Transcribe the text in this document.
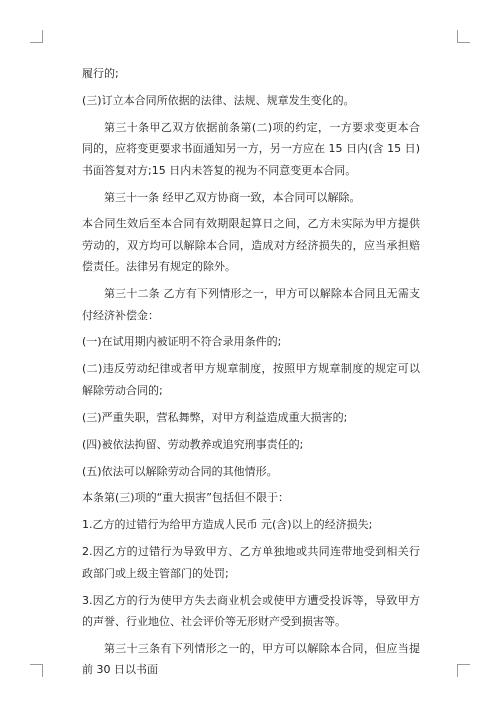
履行的;

(三)订立本合同所依据的法律、法规、规章发生变化的。

第三十条甲乙双方依据前条第(二)项的约定，一方要求变更本合同的，应将变更要求书面通知另一方，另一方应在 15 日内(含 15 日)书面答复对方;15 日内未答复的视为不同意变更本合同。

第三十一条 经甲乙双方协商一致，本合同可以解除。

本合同生效后至本合同有效期限起算日之间，乙方未实际为甲方提供劳动的，双方均可以解除本合同，造成对方经济损失的，应当承担赔偿责任。法律另有规定的除外。

第三十二条 乙方有下列情形之一，甲方可以解除本合同且无需支付经济补偿金：

(一)在试用期内被证明不符合录用条件的;

(二)违反劳动纪律或者甲方规章制度，按照甲方规章制度的规定可以解除劳动合同的;

(三)严重失职，营私舞弊，对甲方利益造成重大损害的;

(四)被依法拘留、劳动教养或追究刑事责任的;

(五)依法可以解除劳动合同的其他情形。

本条第(三)项的“重大损害”包括但不限于：

1.乙方的过错行为给甲方造成人民币 元(含)以上的经济损失;

2.因乙方的过错行为导致甲方、乙方单独地或共同连带地受到相关行政部门或上级主管部门的处罚;

3.因乙方的行为使甲方失去商业机会或使甲方遭受投诉等，导致甲方的声誉、行业地位、社会评价等无形财产受到损害等。

第三十三条有下列情形之一的，甲方可以解除本合同，但应当提前 30 日以书面
